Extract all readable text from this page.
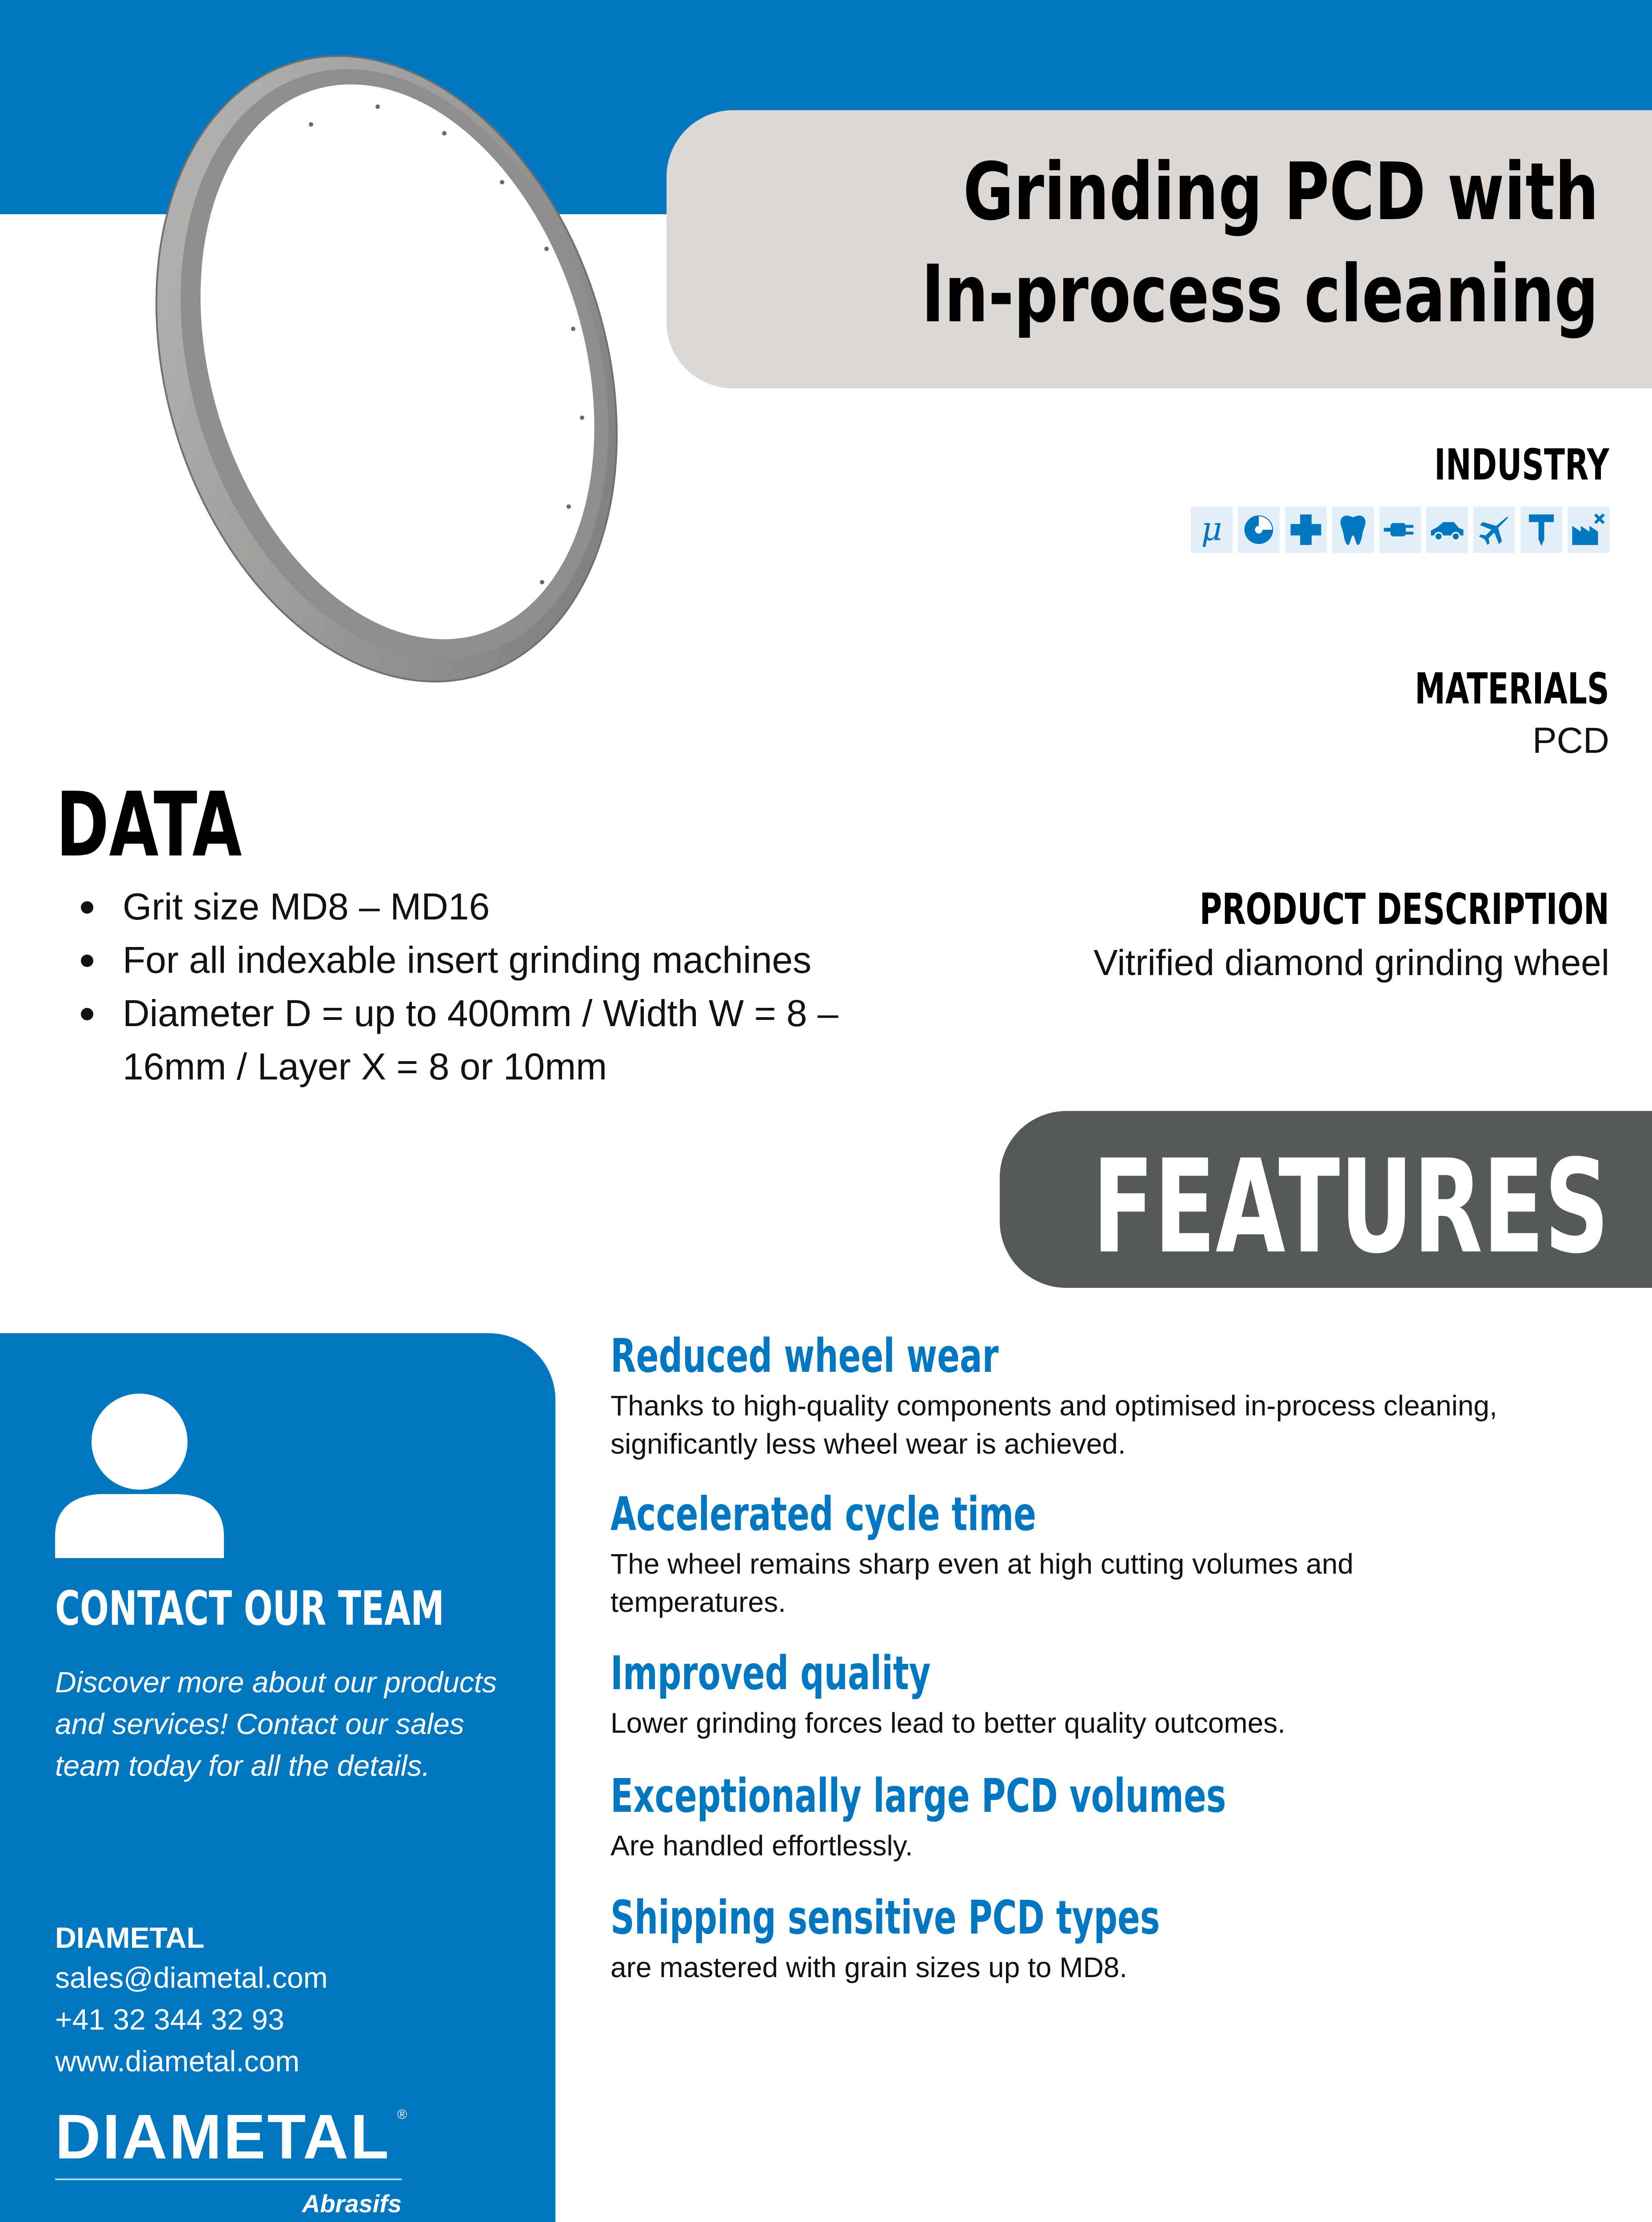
Grinding PCD with
In-process cleaning
INDUSTRY
μ
MATERIALS
PCD
PRODUCT DESCRIPTION
Vitrified diamond grinding wheel
DATA
Grit size MD8 – MD16
For all indexable insert grinding machines
Diameter D = up to 400mm / Width W = 8 – 16mm / Layer X = 8 or 10mm
FEATURES
CONTACT OUR TEAM

Discover more about our products and services! Contact our sales team today for all the details.

DIAMETAL
sales@diametal.com
+41 32 344 32 93
www.diametal.com
DIAMETAL ®
Abrasifs
Reduced wheel wear
Thanks to high-quality components and optimised in-process cleaning, significantly less wheel wear is achieved.
Accelerated cycle time
The wheel remains sharp even at high cutting volumes and temperatures.
Improved quality
Lower grinding forces lead to better quality outcomes.
Exceptionally large PCD volumes
Are handled effortlessly.
Shipping sensitive PCD types
are mastered with grain sizes up to MD8.
